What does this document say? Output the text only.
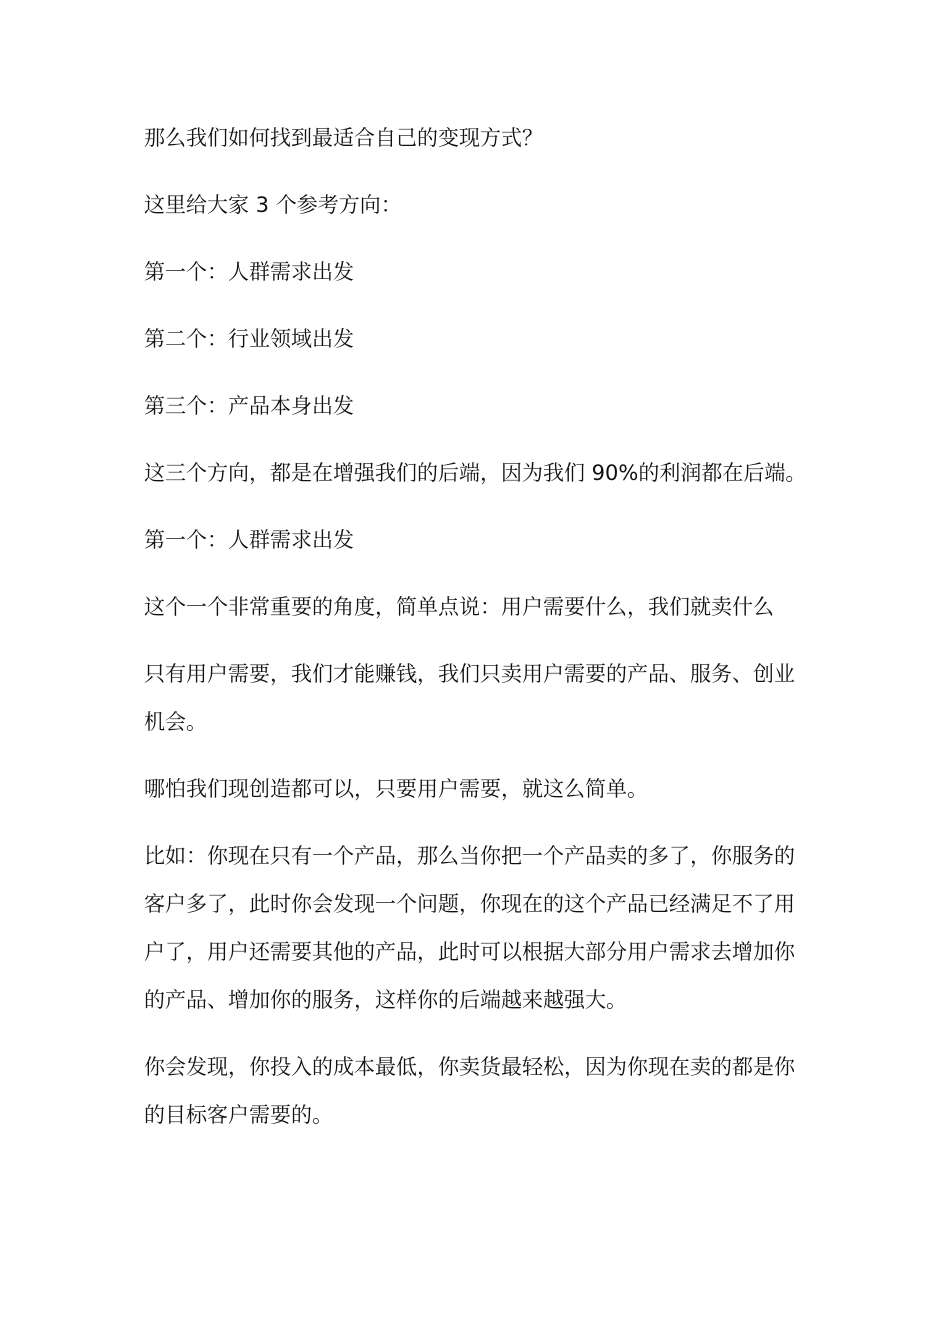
那么我们如何找到最适合自己的变现方式？

这里给大家 3 个参考方向：

第一个：人群需求出发

第二个：行业领域出发

第三个：产品本身出发

这三个方向，都是在增强我们的后端，因为我们 90%的利润都在后端。

第一个：人群需求出发

这个一个非常重要的角度，简单点说：用户需要什么，我们就卖什么

只有用户需要，我们才能赚钱，我们只卖用户需要的产品、服务、创业机会。

哪怕我们现创造都可以，只要用户需要，就这么简单。

比如：你现在只有一个产品，那么当你把一个产品卖的多了，你服务的客户多了，此时你会发现一个问题，你现在的这个产品已经满足不了用户了，用户还需要其他的产品，此时可以根据大部分用户需求去增加你的产品、增加你的服务，这样你的后端越来越强大。

你会发现，你投入的成本最低，你卖货最轻松，因为你现在卖的都是你的目标客户需要的。
